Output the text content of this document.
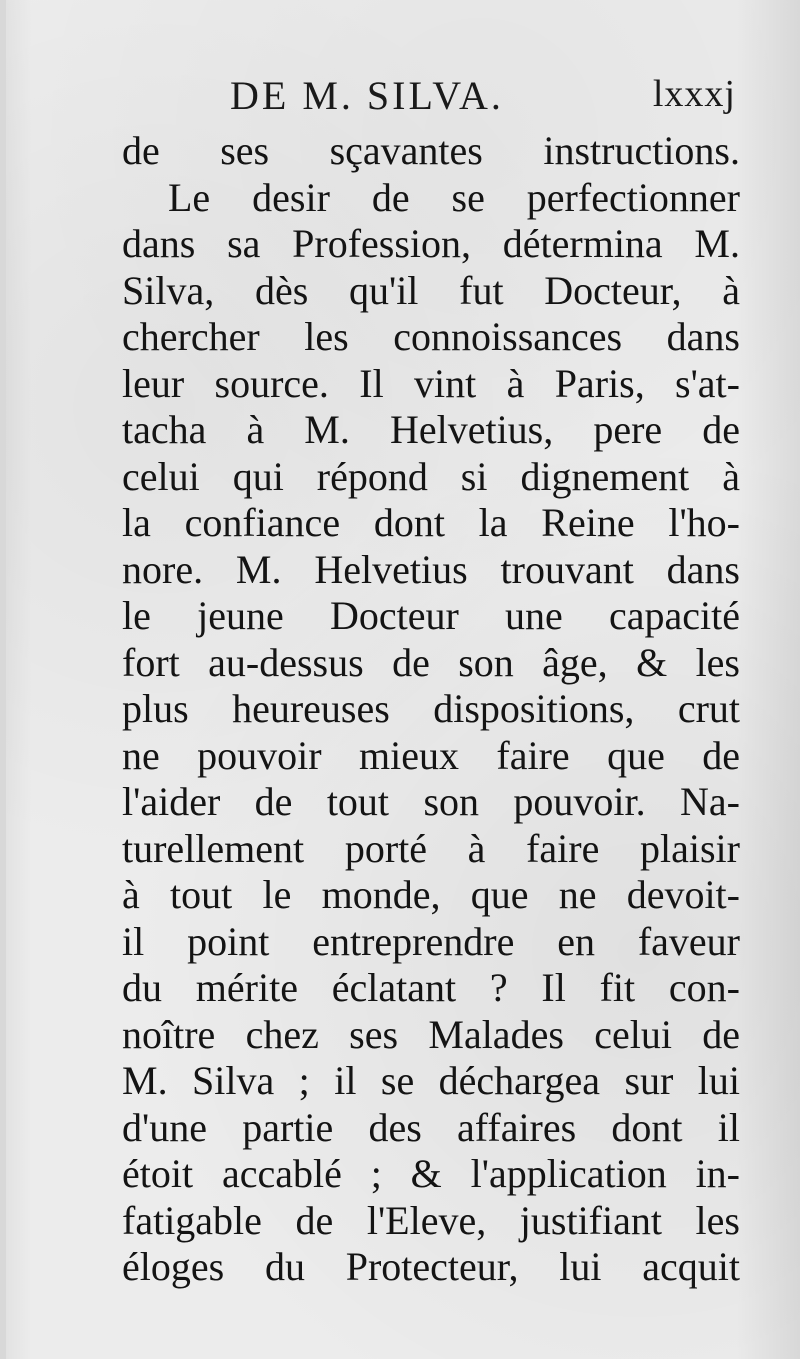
DE M. SILVA.	lxxxj
de ses sçavantes instructions.
Le desir de se perfectionner
dans sa Profession, détermina M.
Silva, dès qu'il fut Docteur, à
chercher les connoissances dans
leur source. Il vint à Paris, s'at-
tacha à M. Helvetius, pere de
celui qui répond si dignement à
la confiance dont la Reine l'ho-
nore. M. Helvetius trouvant dans
le jeune Docteur une capacité
fort au-dessus de son âge, & les
plus heureuses dispositions, crut
ne pouvoir mieux faire que de
l'aider de tout son pouvoir. Na-
turellement porté à faire plaisir
à tout le monde, que ne devoit-
il point entreprendre en faveur
du mérite éclatant ? Il fit con-
noître chez ses Malades celui de
M. Silva ; il se déchargea sur lui
d'une partie des affaires dont il
étoit accablé ; & l'application in-
fatigable de l'Eleve, justifiant les
éloges du Protecteur, lui acquit
